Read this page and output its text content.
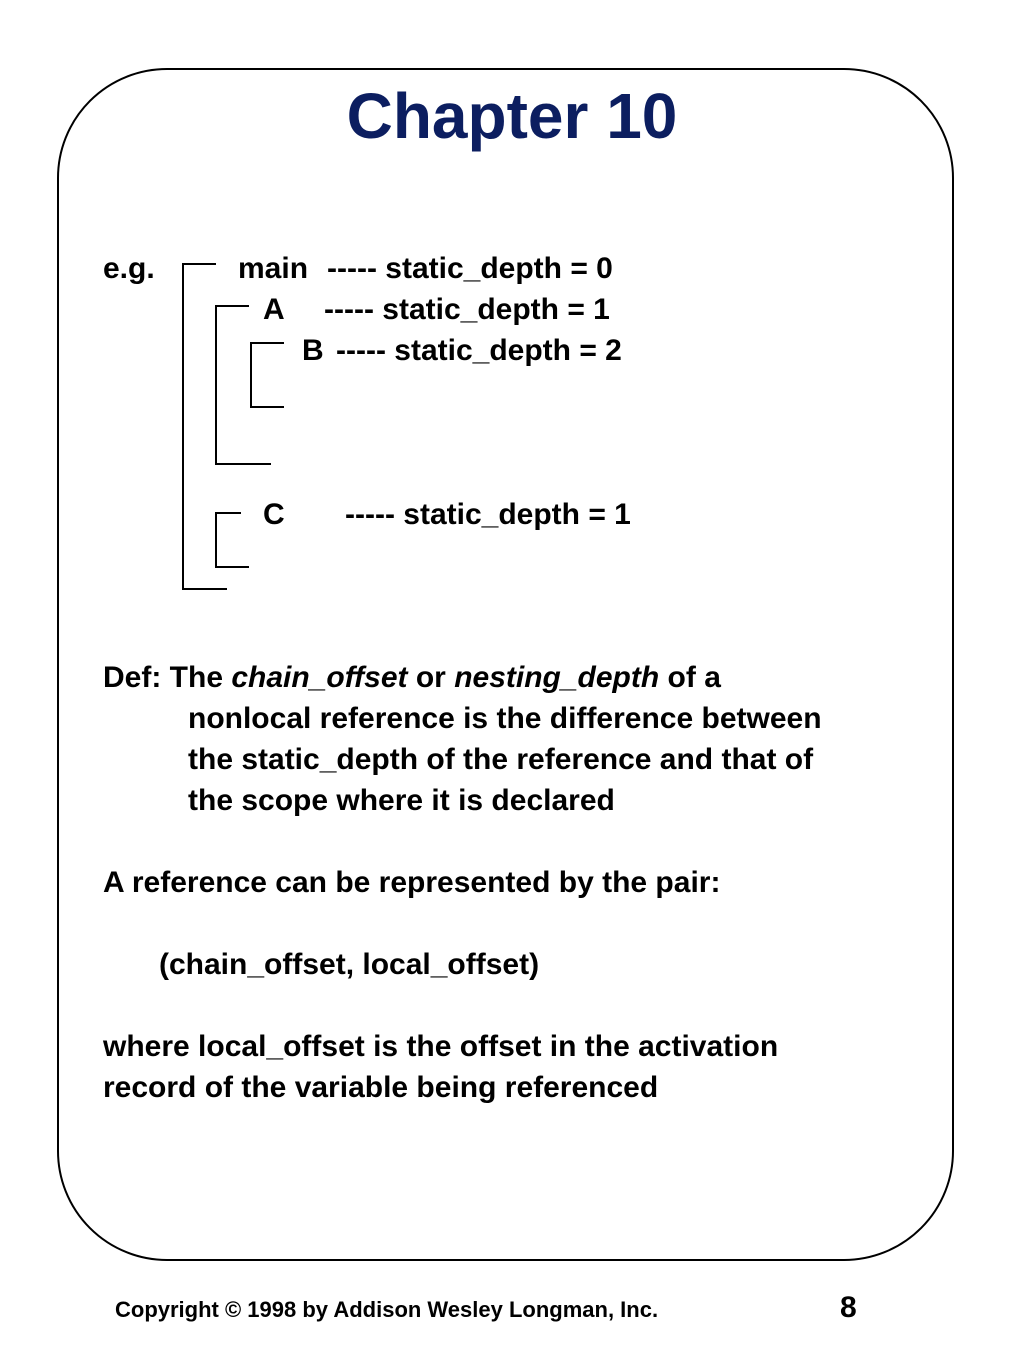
Chapter 10
e.g.	main ----- static_depth = 0
A ----- static_depth = 1
B ----- static_depth = 2
C ----- static_depth = 1
Def: The chain_offset or nesting_depth of a
nonlocal reference is the difference between
the static_depth of the reference and that of
the scope where it is declared
A reference can be represented by the pair:
(chain_offset, local_offset)
where local_offset is the offset in the activation
record of the variable being referenced
Copyright © 1998 by Addison Wesley Longman, Inc.	8
